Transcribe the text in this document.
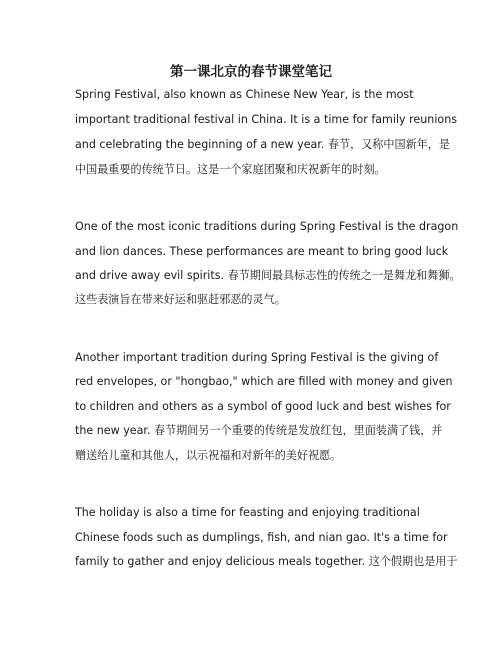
第一课北京的春节课堂笔记
Spring Festival, also known as Chinese New Year, is the most
important traditional festival in China. It is a time for family reunions
and celebrating the beginning of a new year. 春节，又称中国新年，是
中国最重要的传统节日。这是一个家庭团聚和庆祝新年的时刻。
One of the most iconic traditions during Spring Festival is the dragon
and lion dances. These performances are meant to bring good luck
and drive away evil spirits. 春节期间最具标志性的传统之一是舞龙和舞狮。
这些表演旨在带来好运和驱赶邪恶的灵气。
Another important tradition during Spring Festival is the giving of
red envelopes, or "hongbao," which are filled with money and given
to children and others as a symbol of good luck and best wishes for
the new year. 春节期间另一个重要的传统是发放红包，里面装满了钱，并
赠送给儿童和其他人，以示祝福和对新年的美好祝愿。
The holiday is also a time for feasting and enjoying traditional
Chinese foods such as dumplings, fish, and nian gao. It's a time for
family to gather and enjoy delicious meals together. 这个假期也是用于
